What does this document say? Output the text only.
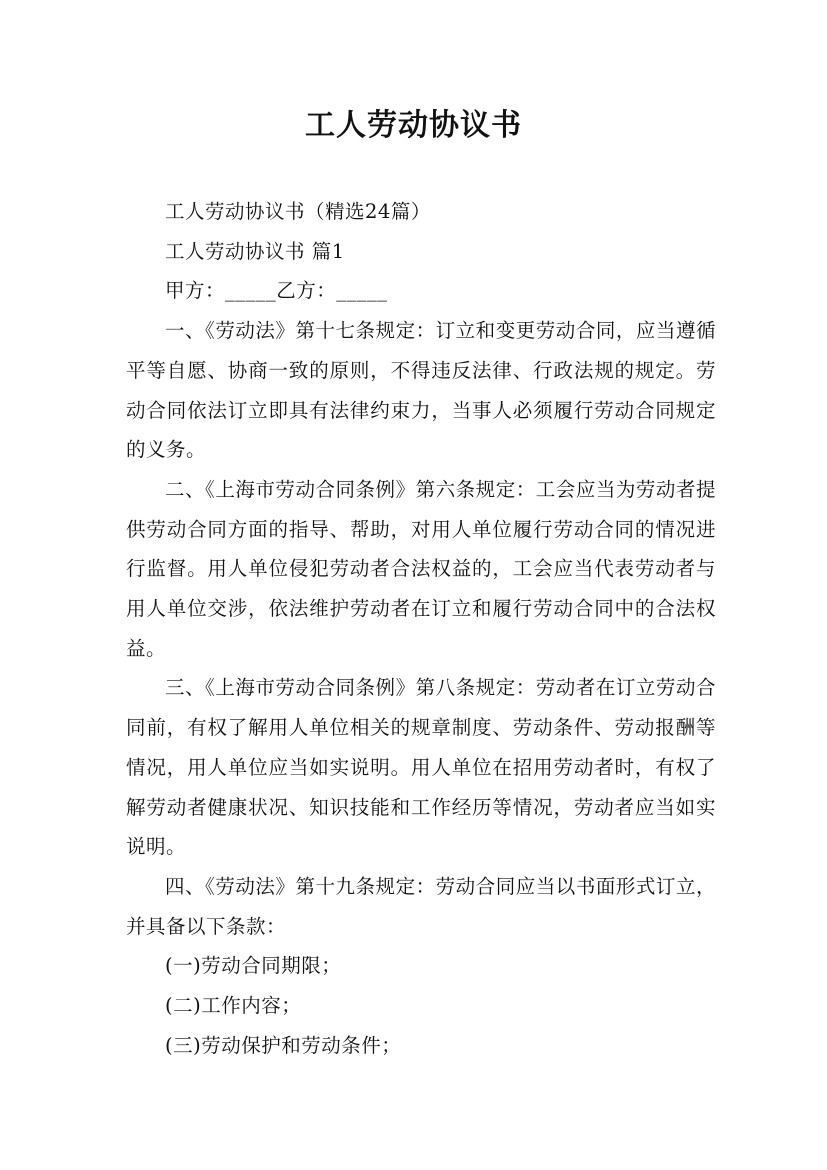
工人劳动协议书

工人劳动协议书（精选24篇）

工人劳动协议书 篇1

甲方：_____乙方：_____

一、《劳动法》第十七条规定：订立和变更劳动合同，应当遵循平等自愿、协商一致的原则，不得违反法律、行政法规的规定。劳动合同依法订立即具有法律约束力，当事人必须履行劳动合同规定的义务。

二、《上海市劳动合同条例》第六条规定：工会应当为劳动者提供劳动合同方面的指导、帮助，对用人单位履行劳动合同的情况进行监督。用人单位侵犯劳动者合法权益的，工会应当代表劳动者与用人单位交涉，依法维护劳动者在订立和履行劳动合同中的合法权益。

三、《上海市劳动合同条例》第八条规定：劳动者在订立劳动合同前，有权了解用人单位相关的规章制度、劳动条件、劳动报酬等情况，用人单位应当如实说明。用人单位在招用劳动者时，有权了解劳动者健康状况、知识技能和工作经历等情况，劳动者应当如实说明。

四、《劳动法》第十九条规定：劳动合同应当以书面形式订立，并具备以下条款：

(一)劳动合同期限；

(二)工作内容；

(三)劳动保护和劳动条件；
